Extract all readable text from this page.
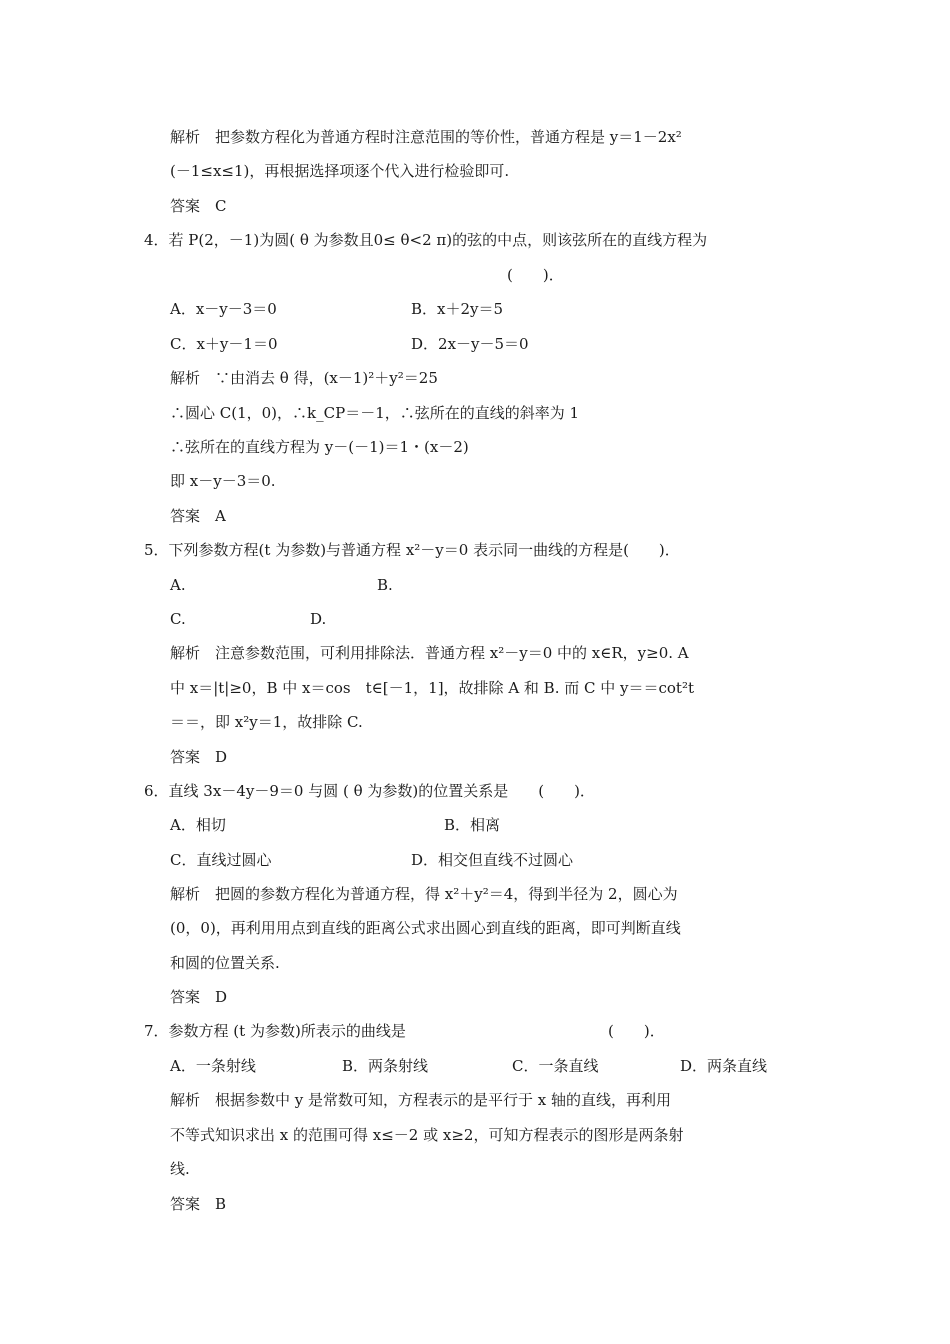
解析　把参数方程化为普通方程时注意范围的等价性，普通方程是 y＝1－2x²
(－1≤x≤1)，再根据选择项逐个代入进行检验即可.
答案　C
4．若 P(2，－1)为圆( θ 为参数且0≤ θ<2 π)的弦的中点，则该弦所在的直线方程为
(　　)．
A．x－y－3＝0	B．x＋2y＝5
C．x＋y－1＝0	D．2x－y－5＝0
解析　∵由消去 θ 得，(x－1)²＋y²＝25
∴圆心 C(1，0)，∴k_CP＝－1，∴弦所在的直线的斜率为 1
∴弦所在的直线方程为 y－(－1)＝1・(x－2)
即 x－y－3＝0.
答案　A
5．下列参数方程(t 为参数)与普通方程 x²－y＝0 表示同一曲线的方程是(　　)．
A.	B.
C.	D.
解析　注意参数范围，可利用排除法．普通方程 x²－y＝0 中的 x∈R，y≥0. A
中 x＝|t|≥0，B 中 x＝cos　t∈[－1，1]，故排除 A 和 B. 而 C 中 y＝＝cot²t
＝＝，即 x²y＝1，故排除 C.
答案　D
6．直线 3x－4y－9＝0 与圆 ( θ 为参数)的位置关系是　　(　　)．
A．相切	B．相离
C．直线过圆心	D．相交但直线不过圆心
解析　把圆的参数方程化为普通方程，得 x²＋y²＝4，得到半径为 2，圆心为
(0，0)，再利用用点到直线的距离公式求出圆心到直线的距离，即可判断直线
和圆的位置关系.
答案　D
7．参数方程 (t 为参数)所表示的曲线是	(　　)．
A．一条射线	B．两条射线	C．一条直线	D．两条直线
解析　根据参数中 y 是常数可知，方程表示的是平行于 x 轴的直线，再利用
不等式知识求出 x 的范围可得 x≤－2 或 x≥2，可知方程表示的图形是两条射
线.
答案　B
